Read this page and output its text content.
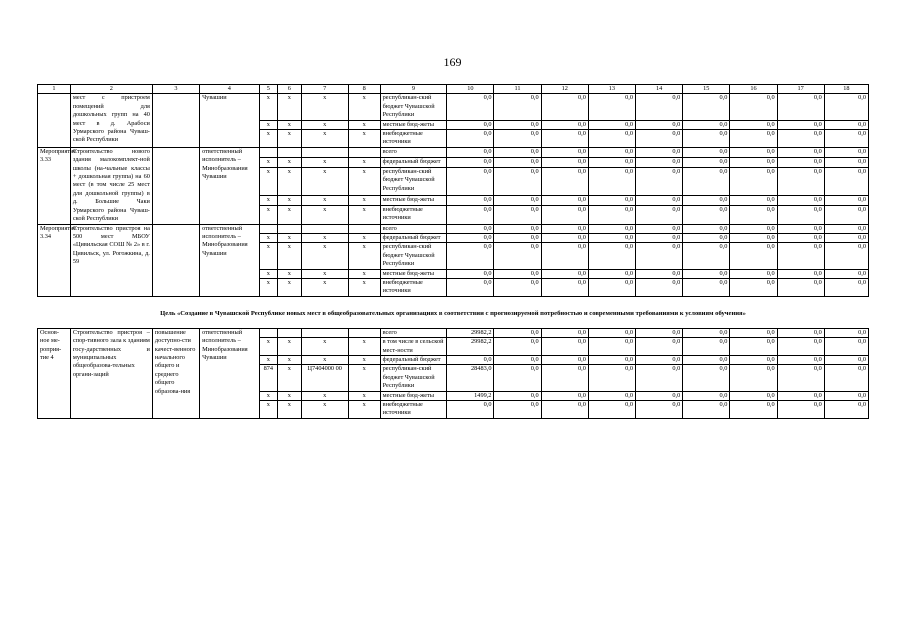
169
1	2	3	4	5	6	7	8	9	10	11	12	13	14	15	16	17	18
	мест с пристроем помещений для дошкольных групп на 40 мест в д. Арабоси Урмарского района Чуваш-ской Республики		Чувашии	x	x	x	x	республикан-ский бюджет Чувашской Республики	0,0	0,0	0,0	0,0	0,0	0,0	0,0	0,0	0,0
				x	x	x	x	местные бюд-жеты	0,0	0,0	0,0	0,0	0,0	0,0	0,0	0,0	0,0
				x	x	x	x	внебюджетные источники	0,0	0,0	0,0	0,0	0,0	0,0	0,0	0,0	0,0
Мероприятие 3.33	Строительство нового здания малокомплект-ной школы (на-чальные классы + дошкольная группа) на 60 мест (в том числе 25 мест для дошкольной группы) в д. Большие Чаки Урмарского района Чуваш-ской Республики		ответственный исполнитель – Минобразования Чувашии					всего	0,0	0,0	0,0	0,0	0,0	0,0	0,0	0,0	0,0
				x	x	x	x	федеральный бюджет	0,0	0,0	0,0	0,0	0,0	0,0	0,0	0,0	0,0
				x	x	x	x	республикан-ский бюджет Чувашской Республики	0,0	0,0	0,0	0,0	0,0	0,0	0,0	0,0	0,0
				x	x	x	x	местные бюд-жеты	0,0	0,0	0,0	0,0	0,0	0,0	0,0	0,0	0,0
				x	x	x	x	внебюджетные источники	0,0	0,0	0,0	0,0	0,0	0,0	0,0	0,0	0,0
Мероприятие 3.34	Строительство пристроя на 500 мест МБОУ «Цивильская СОШ № 2» в г. Цивильск, ул. Рогожкина, д. 59		ответственный исполнитель – Минобразования Чувашии					всего	0,0	0,0	0,0	0,0	0,0	0,0	0,0	0,0	0,0
				x	x	x	x	федеральный бюджет	0,0	0,0	0,0	0,0	0,0	0,0	0,0	0,0	0,0
				x	x	x	x	республикан-ский бюджет Чувашской Республики	0,0	0,0	0,0	0,0	0,0	0,0	0,0	0,0	0,0
				x	x	x	x	местные бюд-жеты	0,0	0,0	0,0	0,0	0,0	0,0	0,0	0,0	0,0
				x	x	x	x	внебюджетные источники	0,0	0,0	0,0	0,0	0,0	0,0	0,0	0,0	0,0

Цель «Создание в Чувашской Республике новых мест в общеобразовательных организациях в соответствии с прогнозируемой потребностью и современными требованиями к условиям обучения»																	
Основ-ное ме-роприя-тие 4	Строительство пристроя – спор-тивного зала к зданиям госу-дарственных и муниципальных общеобразова-тельных органи-заций	повышение доступно-сти качест-венного начального общего и среднего общего образова-ния	ответственный исполнитель – Минобразования Чувашии					всего	29982,2	0,0	0,0	0,0	0,0	0,0	0,0	0,0	0,0
				x	x	x	x	в том числе в сельской мест-ности	29982,2	0,0	0,0	0,0	0,0	0,0	0,0	0,0	0,0
				x	x	x	x	федеральный бюджет	0,0	0,0	0,0	0,0	0,0	0,0	0,0	0,0	0,0
				874	x	Ц7404000 00	x	республикан-ский бюджет Чувашской Республики	28483,0	0,0	0,0	0,0	0,0	0,0	0,0	0,0	0,0
				x	x	x	x	местные бюд-жеты	1499,2	0,0	0,0	0,0	0,0	0,0	0,0	0,0	0,0
				x	x	x	x	внебюджетные источники	0,0	0,0	0,0	0,0	0,0	0,0	0,0	0,0	0,0
